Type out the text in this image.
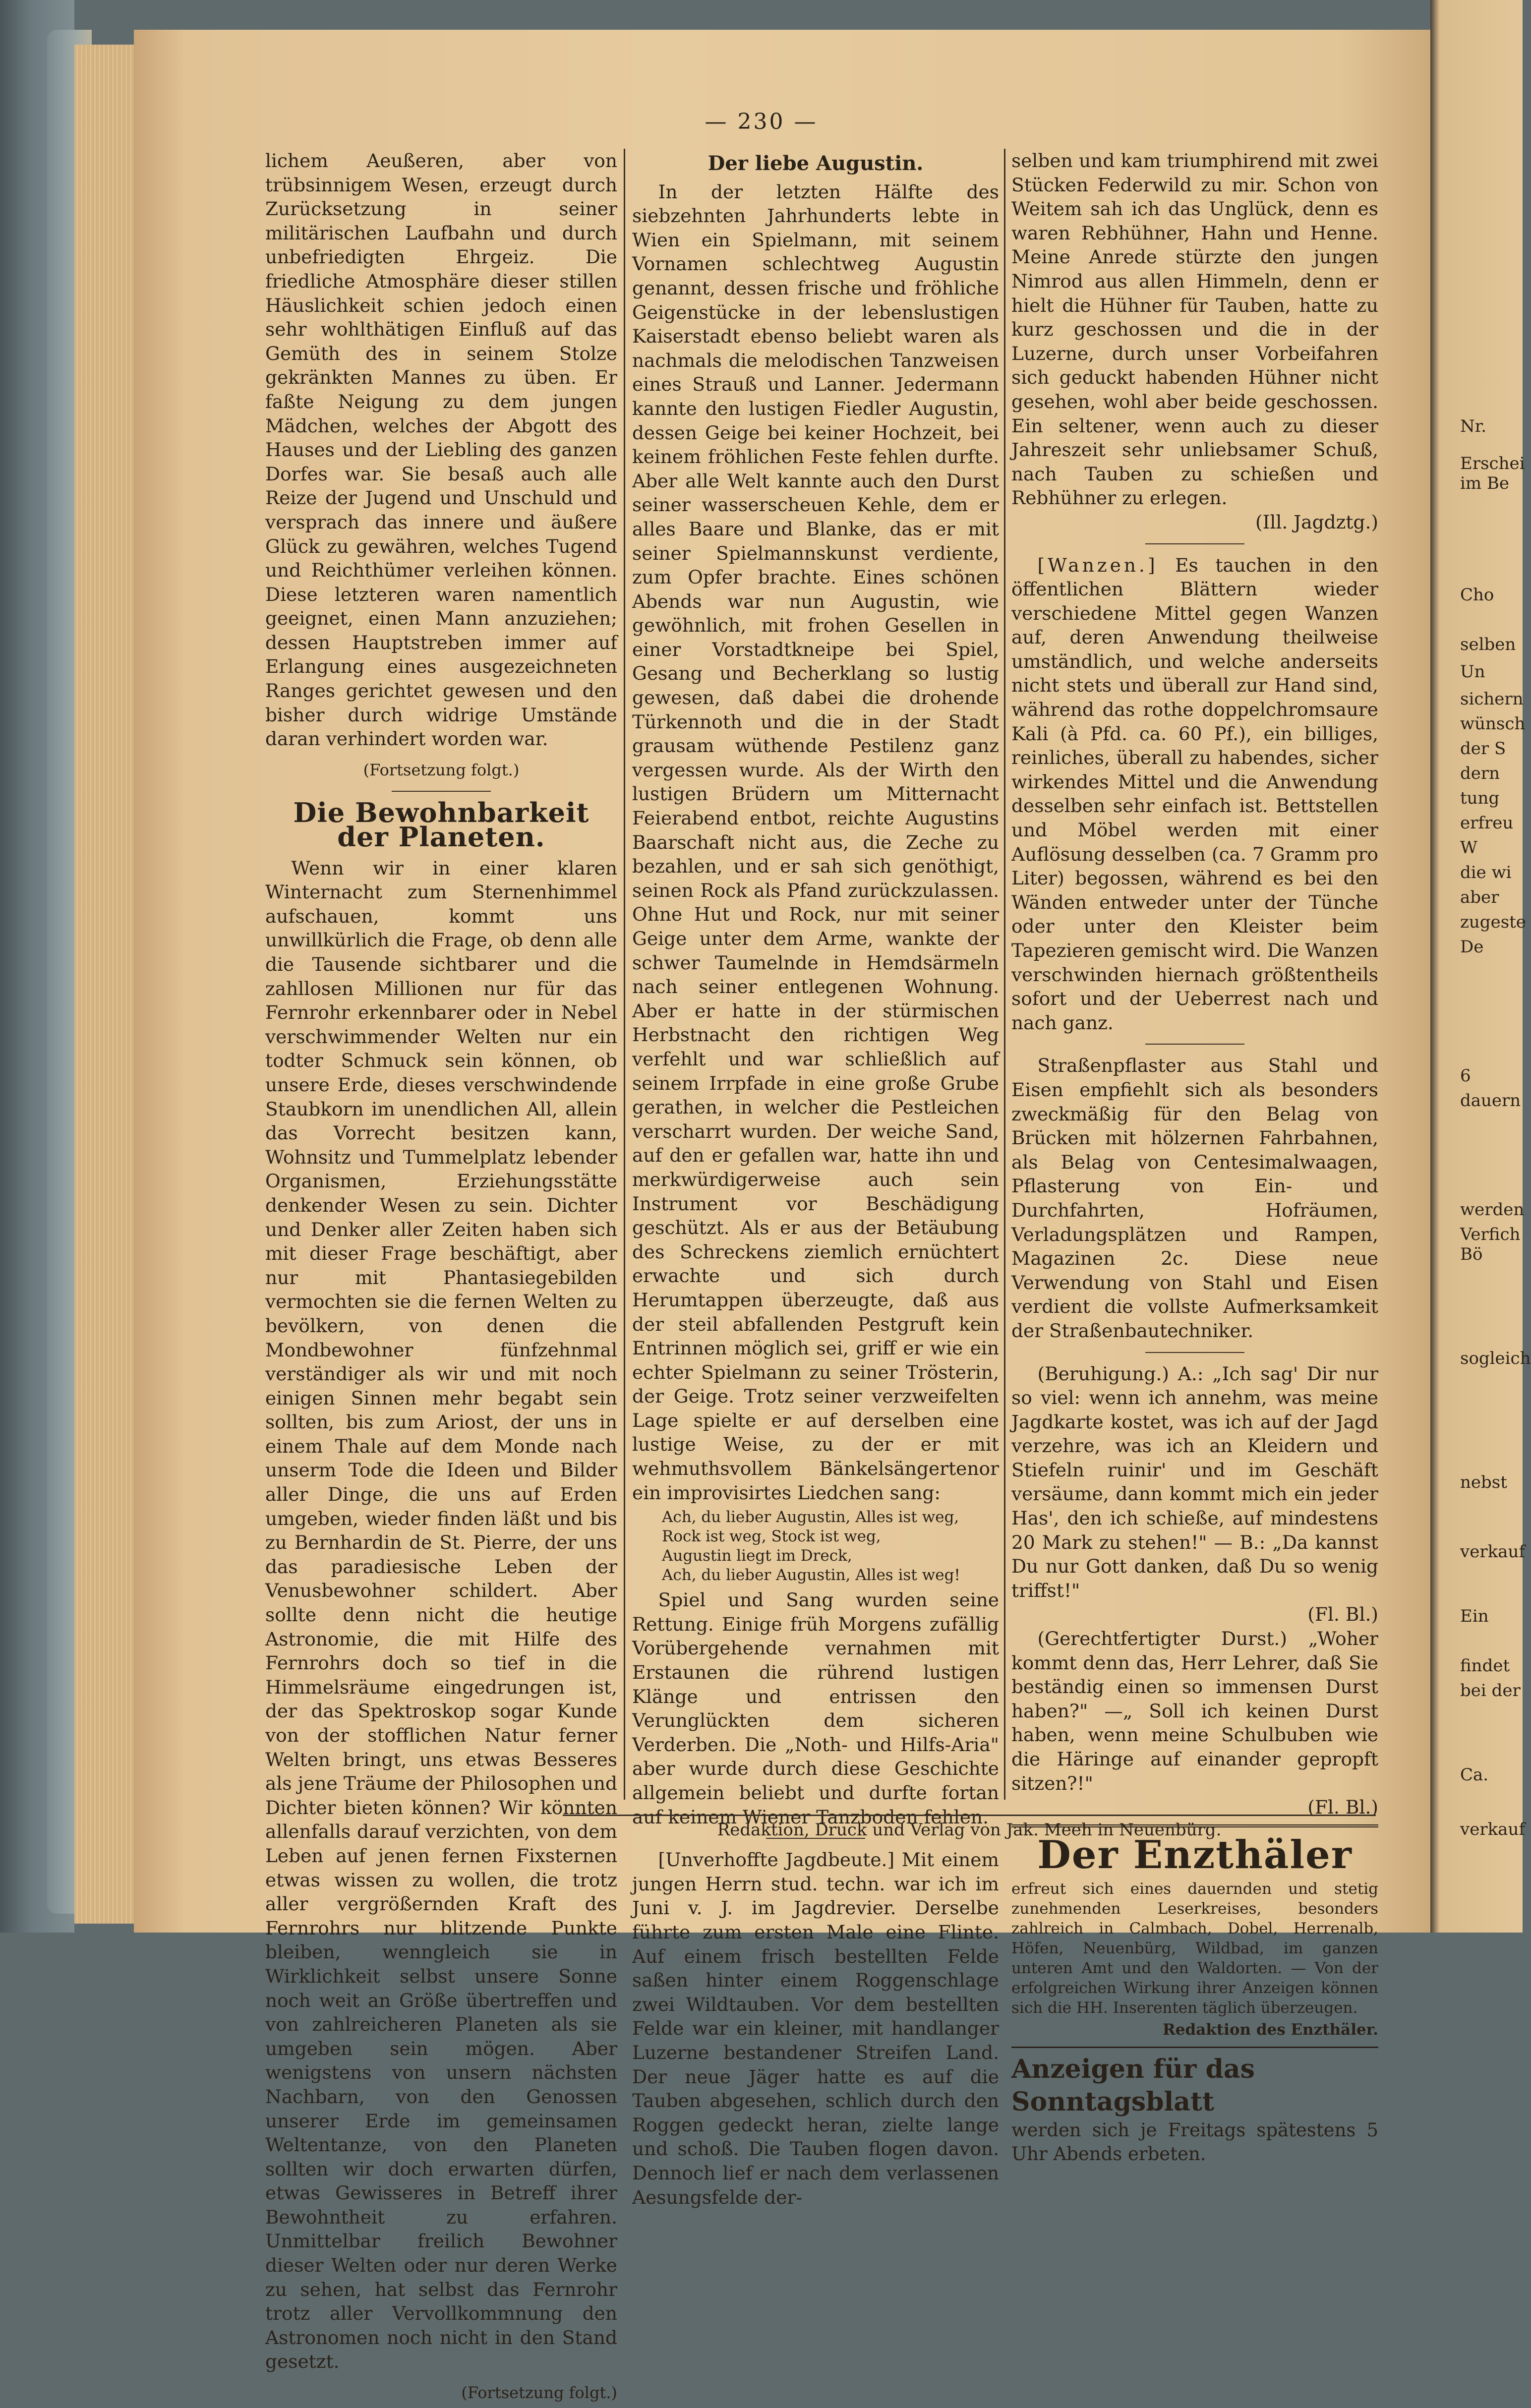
Nr.
Erschei
im Be
Cho
selben
Un
sichern
wünsch
der S
dern
tung
erfreu
W
die wi
aber
zugeste
De
6
dauern
werden
Verfich
Bö
sogleich
nebst
verkauf
Ein
findet
bei der
Ca.
verkauf
— 230 —

lichem Aeußeren, aber von trübsinnigem Wesen, erzeugt durch Zurücksetzung in seiner militärischen Laufbahn und durch unbefriedigten Ehrgeiz. Die friedliche Atmosphäre dieser stillen Häuslichkeit schien jedoch einen sehr wohlthätigen Einfluß auf das Gemüth des in seinem Stolze gekränkten Mannes zu üben. Er faßte Neigung zu dem jungen Mädchen, welches der Abgott des Hauses und der Liebling des ganzen Dorfes war. Sie besaß auch alle Reize der Jugend und Unschuld und versprach das innere und äußere Glück zu gewähren, welches Tugend und Reichthümer verleihen können. Diese letzteren waren namentlich geeignet, einen Mann anzuziehen; dessen Hauptstreben immer auf Erlangung eines ausgezeichneten Ranges gerichtet gewesen und den bisher durch widrige Umstände daran verhindert worden war.

(Fortsetzung folgt.)
Die Bewohnbarkeit der Planeten.

Wenn wir in einer klaren Winternacht zum Sternenhimmel aufschauen, kommt uns unwillkürlich die Frage, ob denn alle die Tausende sichtbarer und die zahllosen Millionen nur für das Fernrohr erkennbarer oder in Nebel verschwimmender Welten nur ein todter Schmuck sein können, ob unsere Erde, dieses verschwindende Staubkorn im unendlichen All, allein das Vorrecht besitzen kann, Wohnsitz und Tummelplatz lebender Organismen, Erziehungsstätte denkender Wesen zu sein. Dichter und Denker aller Zeiten haben sich mit dieser Frage beschäftigt, aber nur mit Phantasiegebilden vermochten sie die fernen Welten zu bevölkern, von denen die Mondbewohner fünfzehnmal verständiger als wir und mit noch einigen Sinnen mehr begabt sein sollten, bis zum Ariost, der uns in einem Thale auf dem Monde nach unserm Tode die Ideen und Bilder aller Dinge, die uns auf Erden umgeben, wieder finden läßt und bis zu Bernhardin de St. Pierre, der uns das paradiesische Leben der Venusbewohner schildert. Aber sollte denn nicht die heutige Astronomie, die mit Hilfe des Fernrohrs doch so tief in die Himmelsräume eingedrungen ist, der das Spektroskop sogar Kunde von der stofflichen Natur ferner Welten bringt, uns etwas Besseres als jene Träume der Philosophen und Dichter bieten können? Wir könnten allenfalls darauf verzichten, von dem Leben auf jenen fernen Fixsternen etwas wissen zu wollen, die trotz aller vergrößernden Kraft des Fernrohrs nur blitzende Punkte bleiben, wenngleich sie in Wirklichkeit selbst unsere Sonne noch weit an Größe übertreffen und von zahlreicheren Planeten als sie umgeben sein mögen. Aber wenigstens von unsern nächsten Nachbarn, von den Genossen unserer Erde im gemeinsamen Weltentanze, von den Planeten sollten wir doch erwarten dürfen, etwas Gewisseres in Betreff ihrer Bewohntheit zu erfahren. Unmittelbar freilich Bewohner dieser Welten oder nur deren Werke zu sehen, hat selbst das Fernrohr trotz aller Vervollkommnung den Astronomen noch nicht in den Stand gesetzt.

(Fortsetzung folgt.)
Der liebe Augustin.

In der letzten Hälfte des siebzehnten Jahrhunderts lebte in Wien ein Spielmann, mit seinem Vornamen schlechtweg Augustin genannt, dessen frische und fröhliche Geigenstücke in der lebenslustigen Kaiserstadt ebenso beliebt waren als nachmals die melodischen Tanzweisen eines Strauß und Lanner. Jedermann kannte den lustigen Fiedler Augustin, dessen Geige bei keiner Hochzeit, bei keinem fröhlichen Feste fehlen durfte. Aber alle Welt kannte auch den Durst seiner wasserscheuen Kehle, dem er alles Baare und Blanke, das er mit seiner Spielmannskunst verdiente, zum Opfer brachte. Eines schönen Abends war nun Augustin, wie gewöhnlich, mit frohen Gesellen in einer Vorstadtkneipe bei Spiel, Gesang und Becherklang so lustig gewesen, daß dabei die drohende Türkennoth und die in der Stadt grausam wüthende Pestilenz ganz vergessen wurde. Als der Wirth den lustigen Brüdern um Mitternacht Feierabend entbot, reichte Augustins Baarschaft nicht aus, die Zeche zu bezahlen, und er sah sich genöthigt, seinen Rock als Pfand zurückzulassen. Ohne Hut und Rock, nur mit seiner Geige unter dem Arme, wankte der schwer Taumelnde in Hemdsärmeln nach seiner entlegenen Wohnung. Aber er hatte in der stürmischen Herbstnacht den richtigen Weg verfehlt und war schließlich auf seinem Irrpfade in eine große Grube gerathen, in welcher die Pestleichen verscharrt wurden. Der weiche Sand, auf den er gefallen war, hatte ihn und merkwürdigerweise auch sein Instrument vor Beschädigung geschützt. Als er aus der Betäubung des Schreckens ziemlich ernüchtert erwachte und sich durch Herumtappen überzeugte, daß aus der steil abfallenden Pestgruft kein Entrinnen möglich sei, griff er wie ein echter Spielmann zu seiner Trösterin, der Geige. Trotz seiner verzweifelten Lage spielte er auf derselben eine lustige Weise, zu der er mit wehmuthsvollem Bänkelsängertenor ein improvisirtes Liedchen sang:

Ach, du lieber Augustin, Alles ist weg,
Rock ist weg, Stock ist weg,
Augustin liegt im Dreck,
Ach, du lieber Augustin, Alles ist weg!

Spiel und Sang wurden seine Rettung. Einige früh Morgens zufällig Vorübergehende vernahmen mit Erstaunen die rührend lustigen Klänge und entrissen den Verunglückten dem sicheren Verderben. Die „Noth- und Hilfs-Aria" aber wurde durch diese Geschichte allgemein beliebt und durfte fortan auf keinem Wiener Tanzboden fehlen.

[Unverhoffte Jagdbeute.] Mit einem jungen Herrn stud. techn. war ich im Juni v. J. im Jagdrevier. Derselbe führte zum ersten Male eine Flinte. Auf einem frisch bestellten Felde saßen hinter einem Roggenschlage zwei Wildtauben. Vor dem bestellten Felde war ein kleiner, mit handlanger Luzerne bestandener Streifen Land. Der neue Jäger hatte es auf die Tauben abgesehen, schlich durch den Roggen gedeckt heran, zielte lange und schoß. Die Tauben flogen davon. Dennoch lief er nach dem verlassenen Aesungsfelde der-

selben und kam triumphirend mit zwei Stücken Federwild zu mir. Schon von Weitem sah ich das Unglück, denn es waren Rebhühner, Hahn und Henne. Meine Anrede stürzte den jungen Nimrod aus allen Himmeln, denn er hielt die Hühner für Tauben, hatte zu kurz geschossen und die in der Luzerne, durch unser Vorbeifahren sich geduckt habenden Hühner nicht gesehen, wohl aber beide geschossen. Ein seltener, wenn auch zu dieser Jahreszeit sehr unliebsamer Schuß, nach Tauben zu schießen und Rebhühner zu erlegen.

(Ill. Jagdztg.)

[Wanzen.] Es tauchen in den öffentlichen Blättern wieder verschiedene Mittel gegen Wanzen auf, deren Anwendung theilweise umständlich, und welche anderseits nicht stets und überall zur Hand sind, während das rothe doppelchromsaure Kali (à Pfd. ca. 60 Pf.), ein billiges, reinliches, überall zu habendes, sicher wirkendes Mittel und die Anwendung desselben sehr einfach ist. Bettstellen und Möbel werden mit einer Auflösung desselben (ca. 7 Gramm pro Liter) begossen, während es bei den Wänden entweder unter der Tünche oder unter den Kleister beim Tapezieren gemischt wird. Die Wanzen verschwinden hiernach größtentheils sofort und der Ueberrest nach und nach ganz.

Straßenpflaster aus Stahl und Eisen empfiehlt sich als besonders zweckmäßig für den Belag von Brücken mit hölzernen Fahrbahnen, als Belag von Centesimalwaagen, Pflasterung von Ein- und Durchfahrten, Hofräumen, Verladungsplätzen und Rampen, Magazinen 2c. Diese neue Verwendung von Stahl und Eisen verdient die vollste Aufmerksamkeit der Straßenbautechniker.

(Beruhigung.) A.: „Ich sag' Dir nur so viel: wenn ich annehm, was meine Jagdkarte kostet, was ich auf der Jagd verzehre, was ich an Kleidern und Stiefeln ruinir' und im Geschäft versäume, dann kommt mich ein jeder Has', den ich schieße, auf mindestens 20 Mark zu stehen!" — B.: „Da kannst Du nur Gott danken, daß Du so wenig triffst!"

(Fl. Bl.)

(Gerechtfertigter Durst.) „Woher kommt denn das, Herr Lehrer, daß Sie beständig einen so immensen Durst haben?" —„ Soll ich keinen Durst haben, wenn meine Schulbuben wie die Häringe auf einander gepropft sitzen?!"

(Fl. Bl.)
Der Enzthäler
erfreut sich eines dauernden und stetig zunehmenden Leserkreises, besonders zahlreich in Calmbach, Dobel, Herrenalb, Höfen, Neuenbürg, Wildbad, im ganzen unteren Amt und den Waldorten. — Von der erfolgreichen Wirkung ihrer Anzeigen können sich die HH. Inserenten täglich überzeugen.
Redaktion des Enzthäler.
Anzeigen für das Sonntagsblatt
werden sich je Freitags spätestens 5 Uhr Abends erbeten.
Redaktion, Druck und Verlag von Jak. Meeh in Neuenbürg.
